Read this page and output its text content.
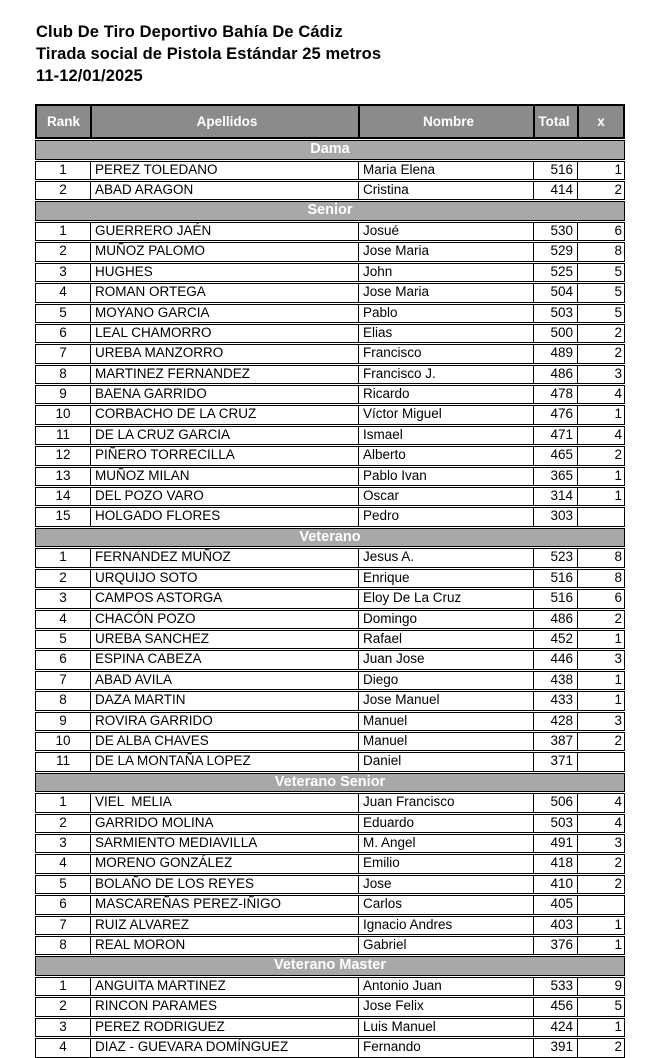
Club De Tiro Deportivo Bahía De Cádiz
Tirada social de Pistola Estándar 25 metros
11-12/01/2025
Rank	Apellidos	Nombre	Total	x
Dama
1	PEREZ TOLEDANO	Maria Elena	516	1
2	ABAD ARAGON	Cristina	414	2
Senior
1	GUERRERO JAÉN	Josué	530	6
2	MUÑOZ PALOMO	Jose Maria	529	8
3	HUGHES	John	525	5
4	ROMAN ORTEGA	Jose Maria	504	5
5	MOYANO GARCIA	Pablo	503	5
6	LEAL CHAMORRO	Elias	500	2
7	UREBA MANZORRO	Francisco	489	2
8	MARTINEZ FERNANDEZ	Francisco J.	486	3
9	BAENA GARRIDO	Ricardo	478	4
10	CORBACHO DE LA CRUZ	Víctor Miguel	476	1
11	DE LA CRUZ GARCIA	Ismael	471	4
12	PIÑERO TORRECILLA	Alberto	465	2
13	MUÑOZ MILAN	Pablo Ivan	365	1
14	DEL POZO VARO	Oscar	314	1
15	HOLGADO FLORES	Pedro	303
Veterano
1	FERNANDEZ MUÑOZ	Jesus A.	523	8
2	URQUIJO SOTO	Enrique	516	8
3	CAMPOS ASTORGA	Eloy De La Cruz	516	6
4	CHACÓN POZO	Domingo	486	2
5	UREBA SANCHEZ	Rafael	452	1
6	ESPINA CABEZA	Juan Jose	446	3
7	ABAD AVILA	Diego	438	1
8	DAZA MARTIN	Jose Manuel	433	1
9	ROVIRA GARRIDO	Manuel	428	3
10	DE ALBA CHAVES	Manuel	387	2
11	DE LA MONTAÑA LOPEZ	Daniel	371
Veterano Senior
1	VIEL  MELIA	Juan Francisco	506	4
2	GARRIDO MOLINA	Eduardo	503	4
3	SARMIENTO MEDIAVILLA	M. Angel	491	3
4	MORENO GONZÁLEZ	Emilio	418	2
5	BOLAÑO DE LOS REYES	Jose	410	2
6	MASCAREÑAS PEREZ-IÑIGO	Carlos	405
7	RUIZ ALVAREZ	Ignacio Andres	403	1
8	REAL MORON	Gabriel	376	1
Veterano Master
1	ANGUITA MARTINEZ	Antonio Juan	533	9
2	RINCON PARAMES	Jose Felix	456	5
3	PEREZ RODRIGUEZ	Luis Manuel	424	1
4	DIAZ - GUEVARA DOMÍNGUEZ	Fernando	391	2
